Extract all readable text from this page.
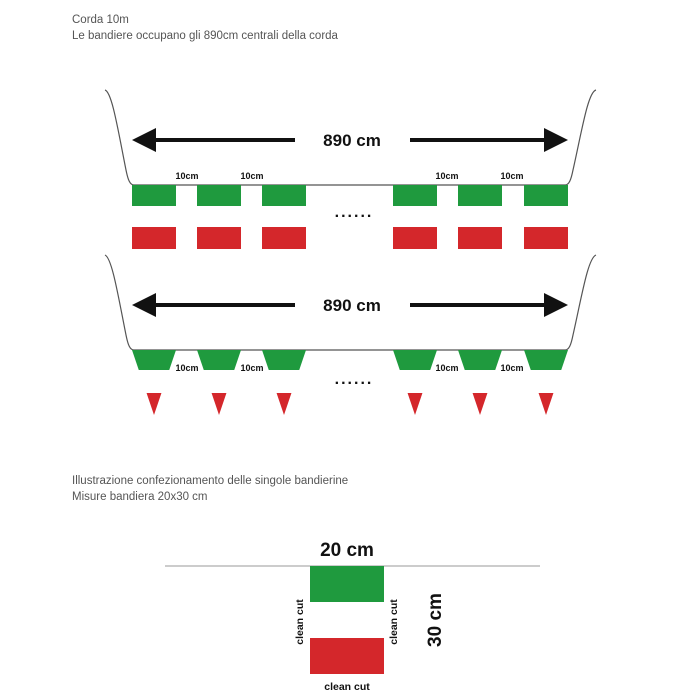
Corda 10m
Le bandiere occupano gli 890cm centrali della corda
Illustrazione confezionamento delle singole bandierine
Misure bandiera 20x30 cm
890 cm
10cm	10cm	10cm	10cm
......
890 cm
10cm	10cm	10cm	10cm
......
20 cm
clean cut	clean cut
clean cut
30 cm
